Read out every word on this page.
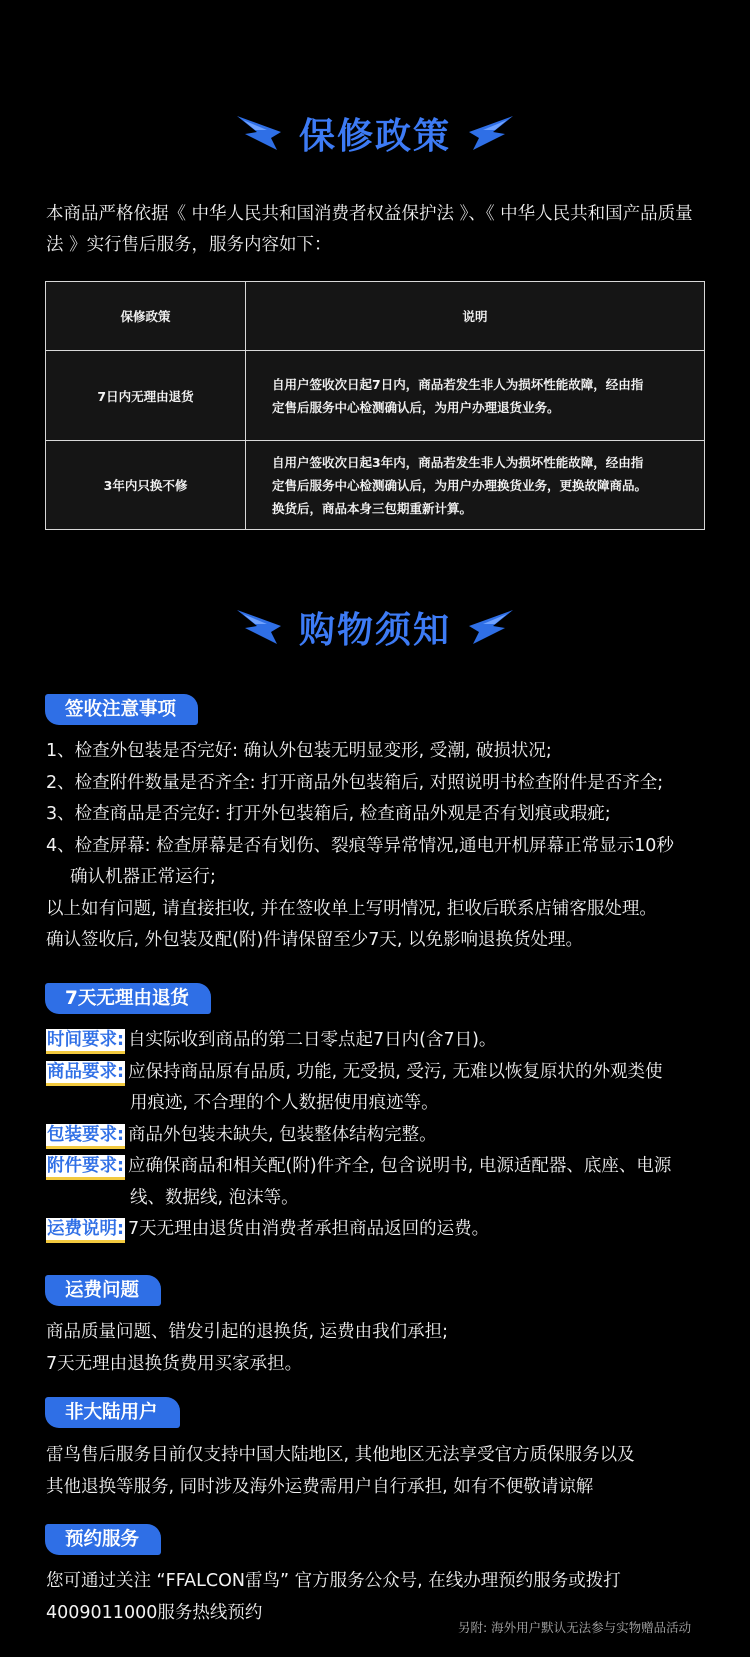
保修政策

本商品严格依据《 中华人民共和国消费者权益保护法 》、《 中华人民共和国产品质量法 》实行售后服务，服务内容如下：

保修政策	说明
7日内无理由退货	自用户签收次日起7日内，商品若发生非人为损坏性能故障，经由指
定售后服务中心检测确认后，为用户办理退货业务。

3年内只换不修	自用户签收次日起3年内，商品若发生非人为损坏性能故障，经由指
定售后服务中心检测确认后，为用户办理换货业务，更换故障商品。
换货后，商品本身三包期重新计算。
购物须知
签收注意事项

1、检查外包装是否完好: 确认外包装无明显变形, 受潮, 破损状况;

2、检查附件数量是否齐全: 打开商品外包装箱后, 对照说明书检查附件是否齐全;

3、检查商品是否完好: 打开外包装箱后, 检查商品外观是否有划痕或瑕疵;

4、检查屏幕: 检查屏幕是否有划伤、裂痕等异常情况,通电开机屏幕正常显示10秒

确认机器正常运行;

以上如有问题, 请直接拒收, 并在签收单上写明情况, 拒收后联系店铺客服处理。

确认签收后, 外包装及配(附)件请保留至少7天, 以免影响退换货处理。

7天无理由退货
时间要求: 自实际收到商品的第二日零点起7日内(含7日)。
商品要求: 应保持商品原有品质, 功能, 无受损, 受污, 无难以恢复原状的外观类使
用痕迹, 不合理的个人数据使用痕迹等。
包装要求: 商品外包装未缺失, 包装整体结构完整。
附件要求: 应确保商品和相关配(附)件齐全, 包含说明书, 电源适配器、底座、电源
线、数据线, 泡沫等。
运费说明: 7天无理由退货由消费者承担商品返回的运费。
运费问题

商品质量问题、错发引起的退换货, 运费由我们承担;

7天无理由退换货费用买家承担。

非大陆用户

雷鸟售后服务目前仅支持中国大陆地区, 其他地区无法享受官方质保服务以及

其他退换等服务, 同时涉及海外运费需用户自行承担, 如有不便敬请谅解

预约服务

您可通过关注 “FFALCON雷鸟” 官方服务公众号, 在线办理预约服务或拨打

4009011000服务热线预约

另附: 海外用户默认无法参与实物赠品活动
